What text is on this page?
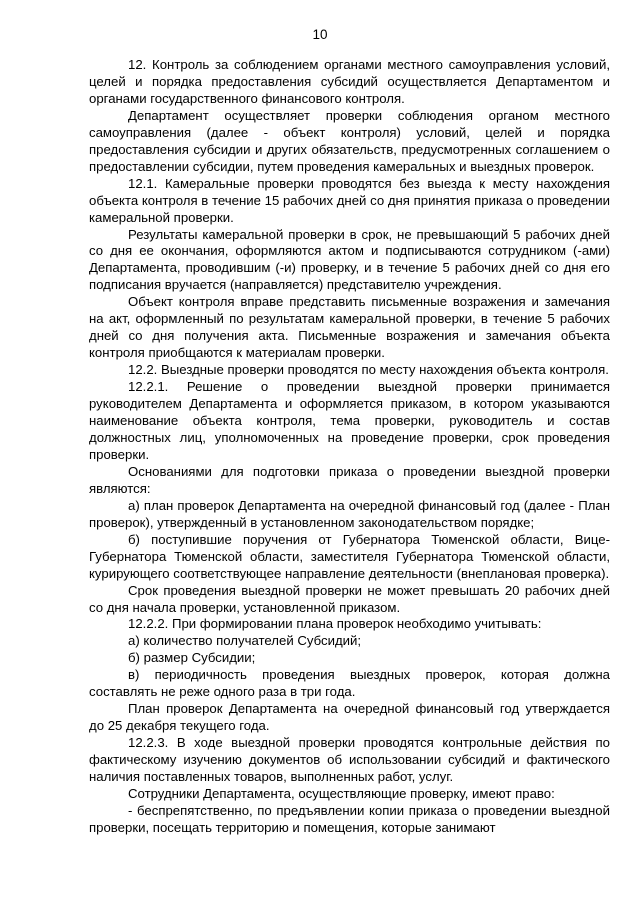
10

12. Контроль за соблюдением органами местного самоуправления условий, целей и порядка предоставления субсидий осуществляется Департаментом и органами государственного финансового контроля.

Департамент осуществляет проверки соблюдения органом местного самоуправления (далее - объект контроля) условий, целей и порядка предоставления субсидии и других обязательств, предусмотренных соглашением о предоставлении субсидии, путем проведения камеральных и выездных проверок.

12.1. Камеральные проверки проводятся без выезда к месту нахождения объекта контроля в течение 15 рабочих дней со дня принятия приказа о проведении камеральной проверки.

Результаты камеральной проверки в срок, не превышающий 5 рабочих дней со дня ее окончания, оформляются актом и подписываются сотрудником (-ами) Департамента, проводившим (-и) проверку, и в течение 5 рабочих дней со дня его подписания вручается (направляется) представителю учреждения.

Объект контроля вправе представить письменные возражения и замечания на акт, оформленный по результатам камеральной проверки, в течение 5 рабочих дней со дня получения акта. Письменные возражения и замечания объекта контроля приобщаются к материалам проверки.

12.2. Выездные проверки проводятся по месту нахождения объекта контроля.

12.2.1. Решение о проведении выездной проверки принимается руководителем Департамента и оформляется приказом, в котором указываются наименование объекта контроля, тема проверки, руководитель и состав должностных лиц, уполномоченных на проведение проверки, срок проведения проверки.

Основаниями для подготовки приказа о проведении выездной проверки являются:

а) план проверок Департамента на очередной финансовый год (далее - План проверок), утвержденный в установленном законодательством порядке;

б) поступившие поручения от Губернатора Тюменской области, Вице-Губернатора Тюменской области, заместителя Губернатора Тюменской области, курирующего соответствующее направление деятельности (внеплановая проверка).

Срок проведения выездной проверки не может превышать 20 рабочих дней со дня начала проверки, установленной приказом.

12.2.2. При формировании плана проверок необходимо учитывать:

а) количество получателей Субсидий;

б) размер Субсидии;

в) периодичность проведения выездных проверок, которая должна составлять не реже одного раза в три года.

План проверок Департамента на очередной финансовый год утверждается до 25 декабря текущего года.

12.2.3. В ходе выездной проверки проводятся контрольные действия по фактическому изучению документов об использовании субсидий и фактического наличия поставленных товаров, выполненных работ, услуг.

Сотрудники Департамента, осуществляющие проверку, имеют право:

- беспрепятственно, по предъявлении копии приказа о проведении выездной проверки, посещать территорию и помещения, которые занимают
